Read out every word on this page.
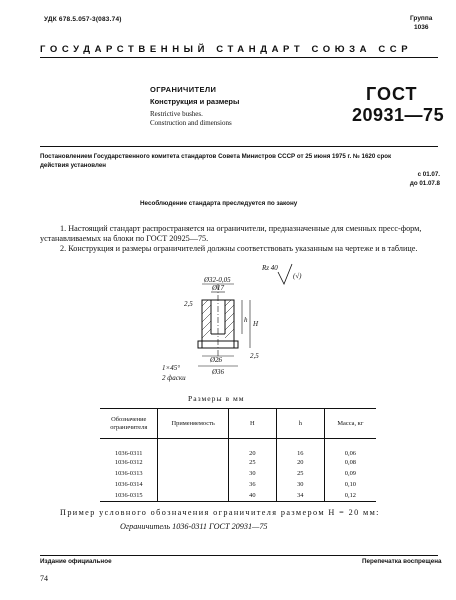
УДК 678.5.057-3(083.74)	Группа
1036
ГОСУДАРСТВЕННЫЙ СТАНДАРТ СОЮЗА ССР
ОГРАНИЧИТЕЛИ
Конструкция и размеры
Restrictive bushes.
Construction and dimensions
ГОСТ
20931—75
Постановлением Государственного комитета стандартов Совета Министров СССР от 25 июня 1975 г. № 1620 срок действия установлен
с 01.07.
до 01.07.8
Несоблюдение стандарта преследуется по закону
1. Настоящий стандарт распространяется на ограничители, предназначенные для сменных пресс-форм, устанавливаемых на блоки по ГОСТ 20925—75.
2. Конструкция и размеры ограничителей должны соответствовать указанным на чертеже и в таблице.
Rz 40
(√)
Ø32-0,05
Ø17
2,5
h H
Ø26
Ø36
2,5
1×45°
2 фаски
Размеры в мм
Обозначение ограничителя	Применяемость	H	h	Масса, кг
1036-0311		20	16	0,06
1036-0312		25	20	0,08
1036-0313		30	25	0,09
1036-0314		36	30	0,10
1036-0315		40	34	0,12
Пример условного обозначения ограничителя размером H = 20 мм:
Ограничитель 1036-0311 ГОСТ 20931—75
Издание официальное	Перепечатка воспрещена
74
